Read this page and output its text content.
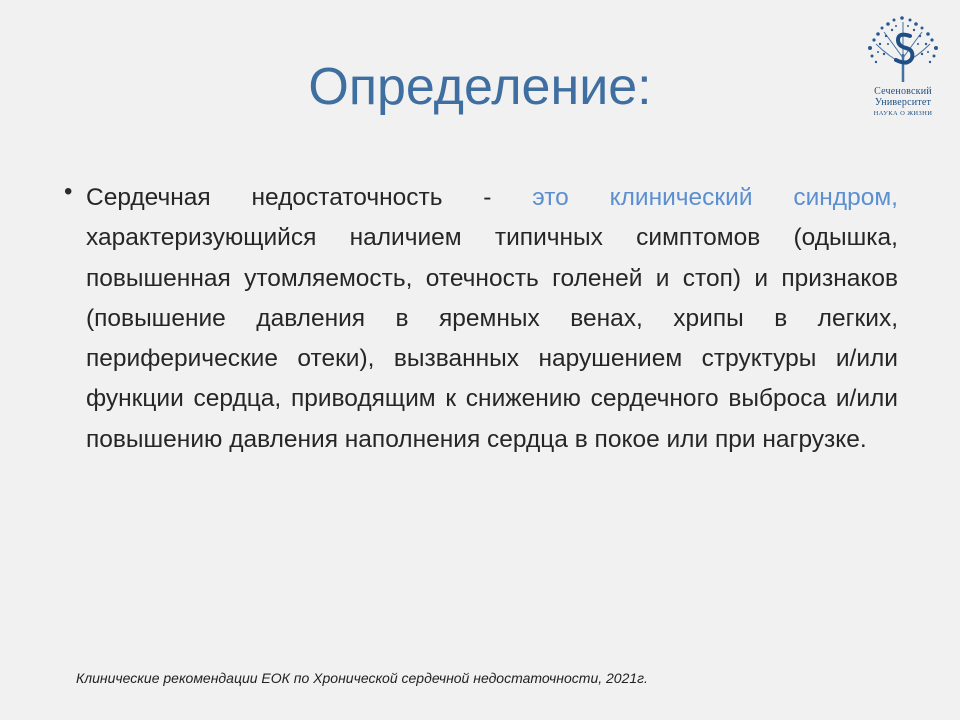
Определение:	Сеченовский
Университет
НАУКА О ЖИЗНИ
• Сердечная недостаточность - это клинический синдром, характеризующийся наличием типичных симптомов (одышка, повышенная утомляемость, отечность голеней и стоп) и признаков (повышение давления в яремных венах, хрипы в легких, периферические отеки), вызванных нарушением структуры и/или функции сердца, приводящим к снижению сердечного выброса и/или повышению давления наполнения сердца в покое или при нагрузке.

Клинические рекомендации ЕОК по Хронической сердечной недостаточности, 2021г.
